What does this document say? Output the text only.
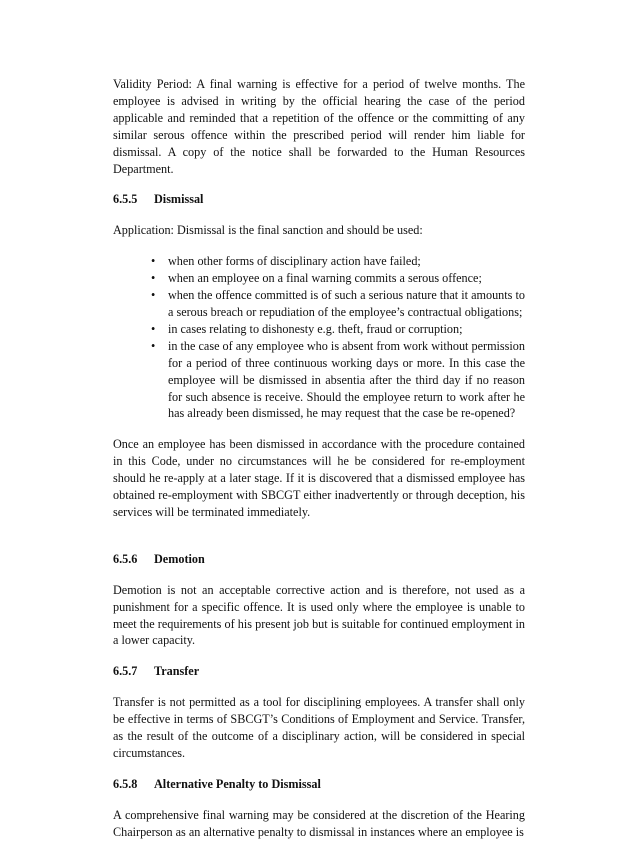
Validity Period: A final warning is effective for a period of twelve months. The employee is advised in writing by the official hearing the case of the period applicable and reminded that a repetition of the offence or the committing of any similar serous offence within the prescribed period will render him liable for dismissal. A copy of the notice shall be forwarded to the Human Resources Department.

6.5.5 Dismissal

Application: Dismissal is the final sanction and should be used:

• when other forms of disciplinary action have failed;
• when an employee on a final warning commits a serous offence;
• when the offence committed is of such a serious nature that it amounts to a serous breach or repudiation of the employee’s contractual obligations;
• in cases relating to dishonesty e.g. theft, fraud or corruption;
• in the case of any employee who is absent from work without permission for a period of three continuous working days or more. In this case the employee will be dismissed in absentia after the third day if no reason for such absence is receive. Should the employee return to work after he has already been dismissed, he may request that the case be re-opened?

Once an employee has been dismissed in accordance with the procedure contained in this Code, under no circumstances will he be considered for re-employment should he re-apply at a later stage. If it is discovered that a dismissed employee has obtained re-employment with SBCGT either inadvertently or through deception, his services will be terminated immediately.

6.5.6 Demotion

Demotion is not an acceptable corrective action and is therefore, not used as a punishment for a specific offence. It is used only where the employee is unable to meet the requirements of his present job but is suitable for continued employment in a lower capacity.

6.5.7 Transfer

Transfer is not permitted as a tool for disciplining employees. A transfer shall only be effective in terms of SBCGT’s Conditions of Employment and Service. Transfer, as the result of the outcome of a disciplinary action, will be considered in special circumstances.

6.5.8 Alternative Penalty to Dismissal

A comprehensive final warning may be considered at the discretion of the Hearing Chairperson as an alternative penalty to dismissal in instances where an employee is
